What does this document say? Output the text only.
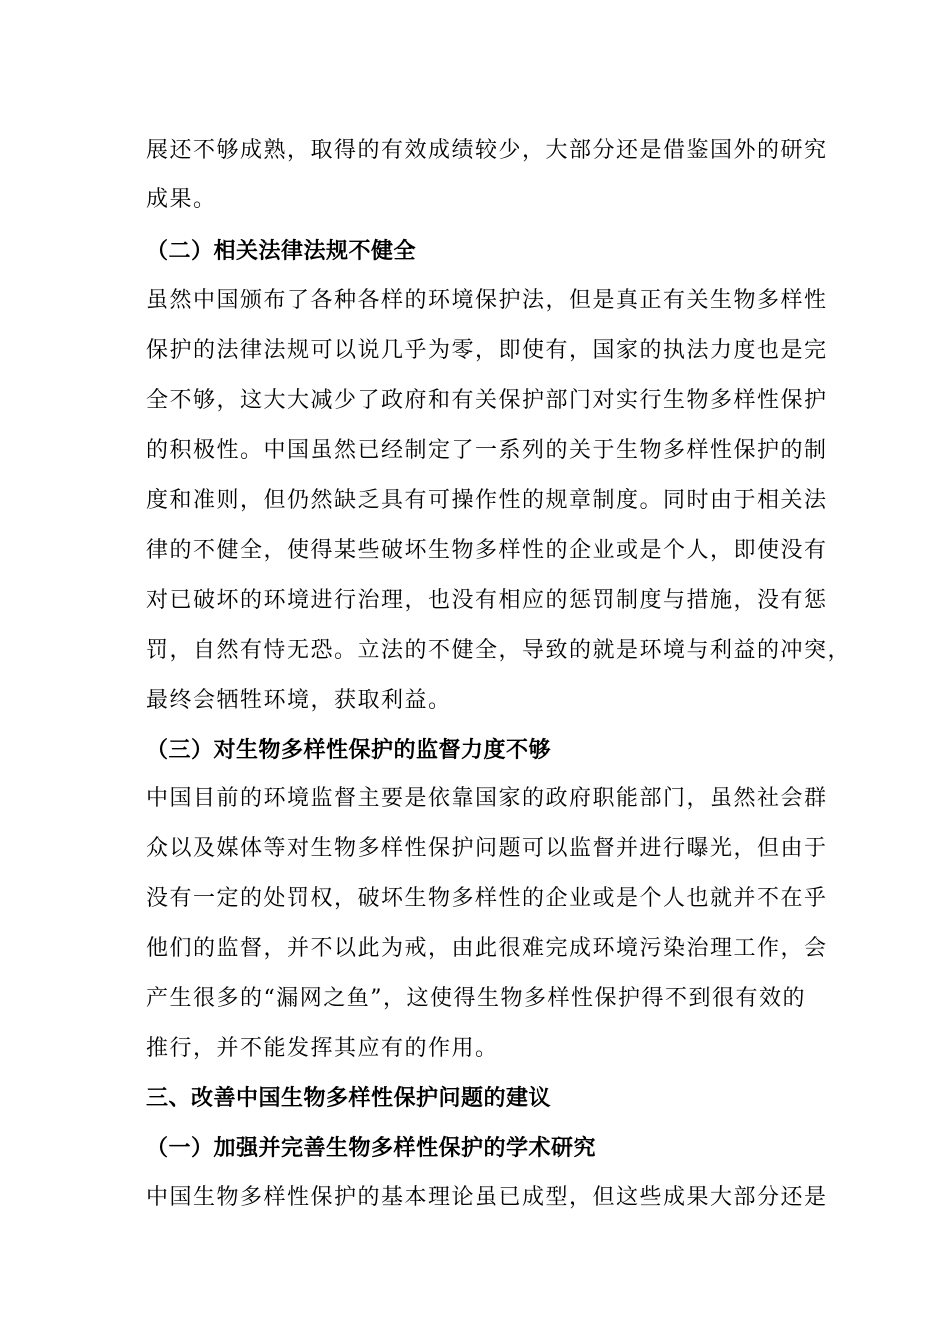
展还不够成熟，取得的有效成绩较少，大部分还是借鉴国外的研究
成果。
（二）相关法律法规不健全
虽然中国颁布了各种各样的环境保护法，但是真正有关生物多样性
保护的法律法规可以说几乎为零，即使有，国家的执法力度也是完
全不够，这大大减少了政府和有关保护部门对实行生物多样性保护
的积极性。中国虽然已经制定了一系列的关于生物多样性保护的制
度和准则，但仍然缺乏具有可操作性的规章制度。同时由于相关法
律的不健全，使得某些破坏生物多样性的企业或是个人，即使没有
对已破坏的环境进行治理，也没有相应的惩罚制度与措施，没有惩
罚，自然有恃无恐。立法的不健全，导致的就是环境与利益的冲突，
最终会牺牲环境，获取利益。
（三）对生物多样性保护的监督力度不够
中国目前的环境监督主要是依靠国家的政府职能部门，虽然社会群
众以及媒体等对生物多样性保护问题可以监督并进行曝光，但由于
没有一定的处罚权，破坏生物多样性的企业或是个人也就并不在乎
他们的监督，并不以此为戒，由此很难完成环境污染治理工作，会
产生很多的“漏网之鱼”，这使得生物多样性保护得不到很有效的
推行，并不能发挥其应有的作用。
三、改善中国生物多样性保护问题的建议
（一）加强并完善生物多样性保护的学术研究
中国生物多样性保护的基本理论虽已成型，但这些成果大部分还是
